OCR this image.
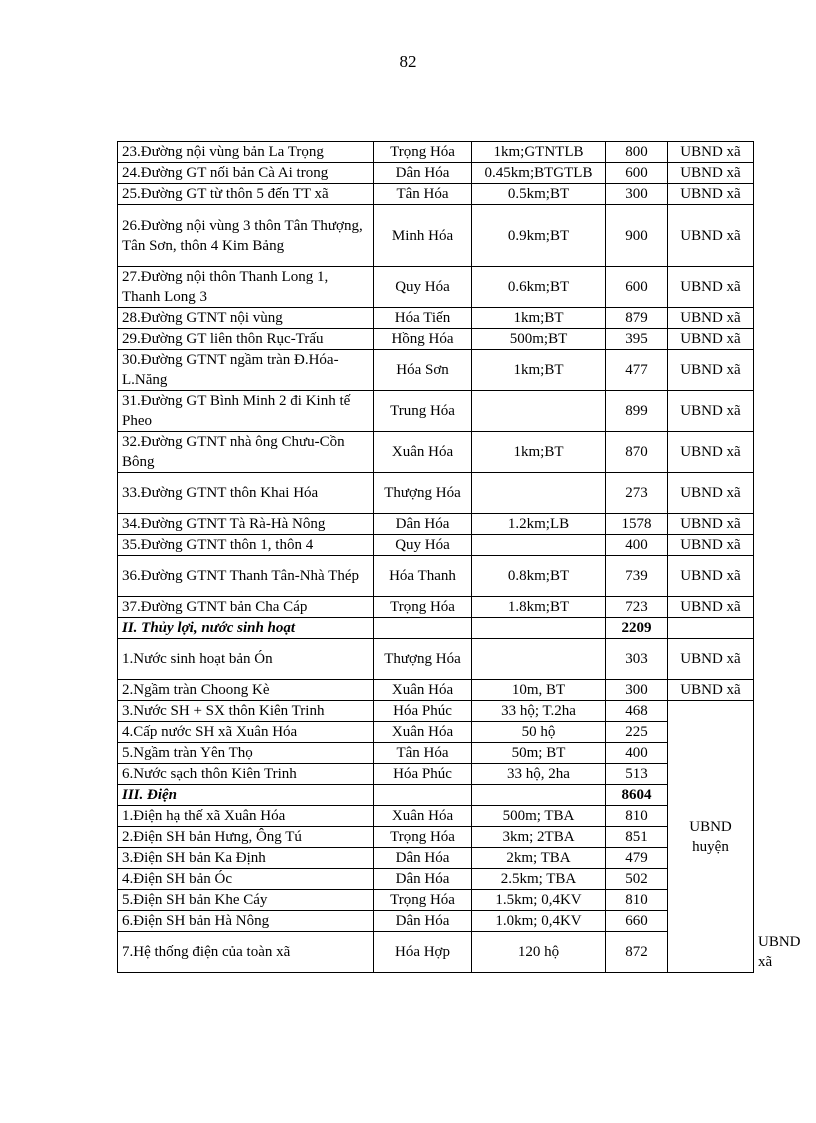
82
23.Đường nội vùng bản La Trọng	Trọng Hóa	1km;GTNTLB	800	UBND xã	
24.Đường GT nối bản Cà Ai trong	Dân Hóa	0.45km;BTGTLB	600	UBND xã	
25.Đường GT từ thôn 5 đến TT xã	Tân Hóa	0.5km;BT	300	UBND xã	
26.Đường nội vùng 3 thôn Tân Thượng, Tân Sơn, thôn 4 Kim Bảng	Minh Hóa	0.9km;BT	900	UBND xã	
27.Đường nội thôn Thanh Long 1, Thanh Long 3	Quy Hóa	0.6km;BT	600	UBND xã	
28.Đường GTNT nội vùng	Hóa Tiến	1km;BT	879	UBND xã	
29.Đường GT liên thôn Rục-Trấu	Hồng Hóa	500m;BT	395	UBND xã	
30.Đường GTNT ngầm tràn Đ.Hóa-L.Năng	Hóa Sơn	1km;BT	477	UBND xã	
31.Đường GT Bình Minh 2 đi Kinh tế Pheo	Trung Hóa		899	UBND xã	
32.Đường GTNT nhà ông Chưu-Cồn Bông	Xuân Hóa	1km;BT	870	UBND xã	
33.Đường GTNT thôn Khai Hóa	Thượng Hóa		273	UBND xã	
34.Đường GTNT Tà Rà-Hà Nông	Dân Hóa	1.2km;LB	1578	UBND xã	
35.Đường GTNT thôn 1, thôn 4	Quy Hóa		400	UBND xã	
36.Đường GTNT Thanh Tân-Nhà Thép	Hóa Thanh	0.8km;BT	739	UBND xã	
37.Đường GTNT bản Cha Cáp	Trọng Hóa	1.8km;BT	723	UBND xã	
II. Thủy lợi, nước sinh hoạt			2209		
1.Nước sinh hoạt bản Ón	Thượng Hóa		303	UBND xã	
2.Ngầm tràn Choong Kè	Xuân Hóa	10m, BT	300	UBND xã	
3.Nước SH + SX thôn Kiên Trinh	Hóa Phúc	33 hộ; T.2ha	468	UBND huyện	
4.Cấp nước SH xã Xuân Hóa	Xuân Hóa	50 hộ	225		
5.Ngầm tràn Yên Thọ	Tân Hóa	50m; BT	400		
6.Nước sạch thôn Kiên Trinh	Hóa Phúc	33 hộ, 2ha	513		
III. Điện			8604		
1.Điện hạ thế xã Xuân Hóa	Xuân Hóa	500m; TBA	810		
2.Điện SH bản Hưng, Ông Tú	Trọng Hóa	3km; 2TBA	851		
3.Điện SH bản Ka Định	Dân Hóa	2km; TBA	479		
4.Điện SH bản Óc	Dân Hóa	2.5km; TBA	502		
5.Điện SH bản Khe Cáy	Trọng Hóa	1.5km; 0,4KV	810		
6.Điện SH bản Hà Nông	Dân Hóa	1.0km; 0,4KV	660		
7.Hệ thống điện của toàn xã	Hóa Hợp	120 hộ	872		UBND xã
